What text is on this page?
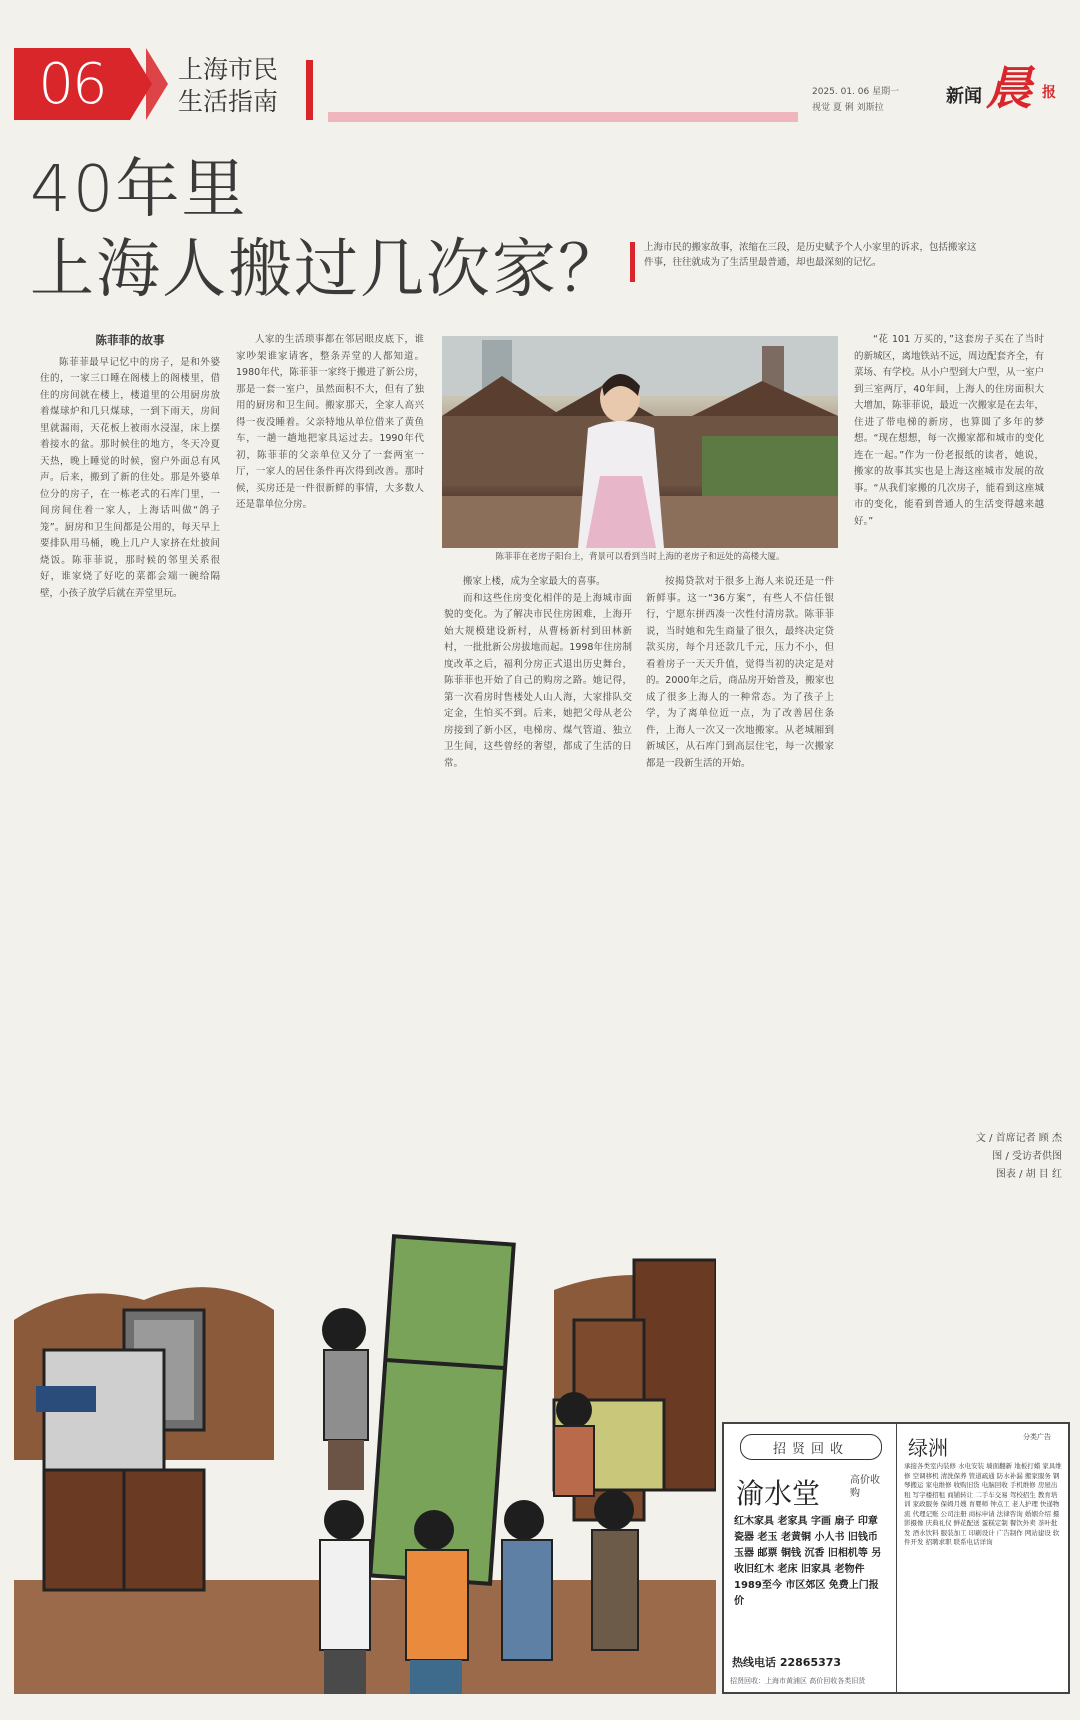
06	上海市民
生活指南	2025. 01. 06 星期一
视觉 夏 俐 刘斯拉
新闻 晨 报
40年里
上海人搬过几次家？	上海市民的搬家故事，浓缩在三段，是历史赋予个人小家里的诉求，包括搬家这件事，往往就成为了生活里最普通，却也最深刻的记忆。
陈菲菲的故事

陈菲菲最早记忆中的房子，是和外婆住的，一家三口睡在阁楼上的阁楼里，借住的房间就在楼上，楼道里的公用厨房放着煤球炉和几只煤球，一到下雨天，房间里就漏雨，天花板上被雨水浸湿，床上摆着接水的盆。那时候住的地方，冬天冷夏天热，晚上睡觉的时候，窗户外面总有风声。后来，搬到了新的住处。那是外婆单位分的房子，在一栋老式的石库门里，一间房间住着一家人，上海话叫做“鸽子笼”。厨房和卫生间都是公用的，每天早上要排队用马桶，晚上几户人家挤在灶披间烧饭。陈菲菲说，那时候的邻里关系很好，谁家烧了好吃的菜都会端一碗给隔壁，小孩子放学后就在弄堂里玩。

人家的生活琐事都在邻居眼皮底下，谁家吵架谁家请客，整条弄堂的人都知道。1980年代，陈菲菲一家终于搬进了新公房，那是一套一室户，虽然面积不大，但有了独用的厨房和卫生间。搬家那天，全家人高兴得一夜没睡着。父亲特地从单位借来了黄鱼车，一趟一趟地把家具运过去。1990年代初，陈菲菲的父亲单位又分了一套两室一厅，一家人的居住条件再次得到改善。那时候，买房还是一件很新鲜的事情，大多数人还是靠单位分房。

陈菲菲在老房子阳台上，背景可以看到当时上海的老房子和远处的高楼大厦。

搬家上楼，成为全家最大的喜事。

而和这些住房变化相伴的是上海城市面貌的变化。为了解决市民住房困难，上海开始大规模建设新村，从曹杨新村到田林新村，一批批新公房拔地而起。1998年住房制度改革之后，福利分房正式退出历史舞台，陈菲菲也开始了自己的购房之路。她记得，第一次看房时售楼处人山人海，大家排队交定金，生怕买不到。后来，她把父母从老公房接到了新小区，电梯房、煤气管道、独立卫生间，这些曾经的奢望，都成了生活的日常。

按揭贷款对于很多上海人来说还是一件新鲜事。这一“36方案”，有些人不信任银行，宁愿东拼西凑一次性付清房款。陈菲菲说，当时她和先生商量了很久，最终决定贷款买房，每个月还款几千元，压力不小，但看着房子一天天升值，觉得当初的决定是对的。2000年之后，商品房开始普及，搬家也成了很多上海人的一种常态。为了孩子上学，为了离单位近一点，为了改善居住条件，上海人一次又一次地搬家。从老城厢到新城区，从石库门到高层住宅，每一次搬家都是一段新生活的开始。

“花 101 万买的，”这套房子买在了当时的新城区，离地铁站不远，周边配套齐全，有菜场、有学校。从小户型到大户型，从一室户到三室两厅，40年间，上海人的住房面积大大增加，陈菲菲说，最近一次搬家是在去年，住进了带电梯的新房，也算圆了多年的梦想。“现在想想，每一次搬家都和城市的变化连在一起。”作为一份老报纸的读者，她说，搬家的故事其实也是上海这座城市发展的故事。“从我们家搬的几次房子，能看到这座城市的变化，能看到普通人的生活变得越来越好。”

文 / 首席记者 顾 杰
图 / 受访者供图
图表 / 胡 目 红
招贤回收
渝水堂	高价收购
红木家具 老家具 字画 扇子 印章 瓷器 老玉 老黄铜 小人书 旧钱币 玉器 邮票 铜钱 沉香 旧相机等 另收旧红木 老床 旧家具 老物件 1989至今 市区郊区 免费上门报价
热线电话 22865373
招贤回收：上海市黄浦区 高价回收各类旧货
绿洲	分类广告
承接各类室内装修 水电安装 墙面翻新 地板打蜡 家具维修 空调移机 清洗保养 管道疏通 防水补漏 搬家服务 钢琴搬运 家电维修 收购旧货 电脑回收 手机维修 房屋出租 写字楼招租 商铺转让 二手车交易 驾校招生 教育培训 家政服务 保姆月嫂 育婴师 钟点工 老人护理 快递物流 代理记账 公司注册 商标申请 法律咨询 婚姻介绍 摄影摄像 庆典礼仪 鲜花配送 蛋糕定制 餐饮外卖 茶叶批发 酒水饮料 服装加工 印刷设计 广告制作 网站建设 软件开发 招聘求职 联系电话详询
